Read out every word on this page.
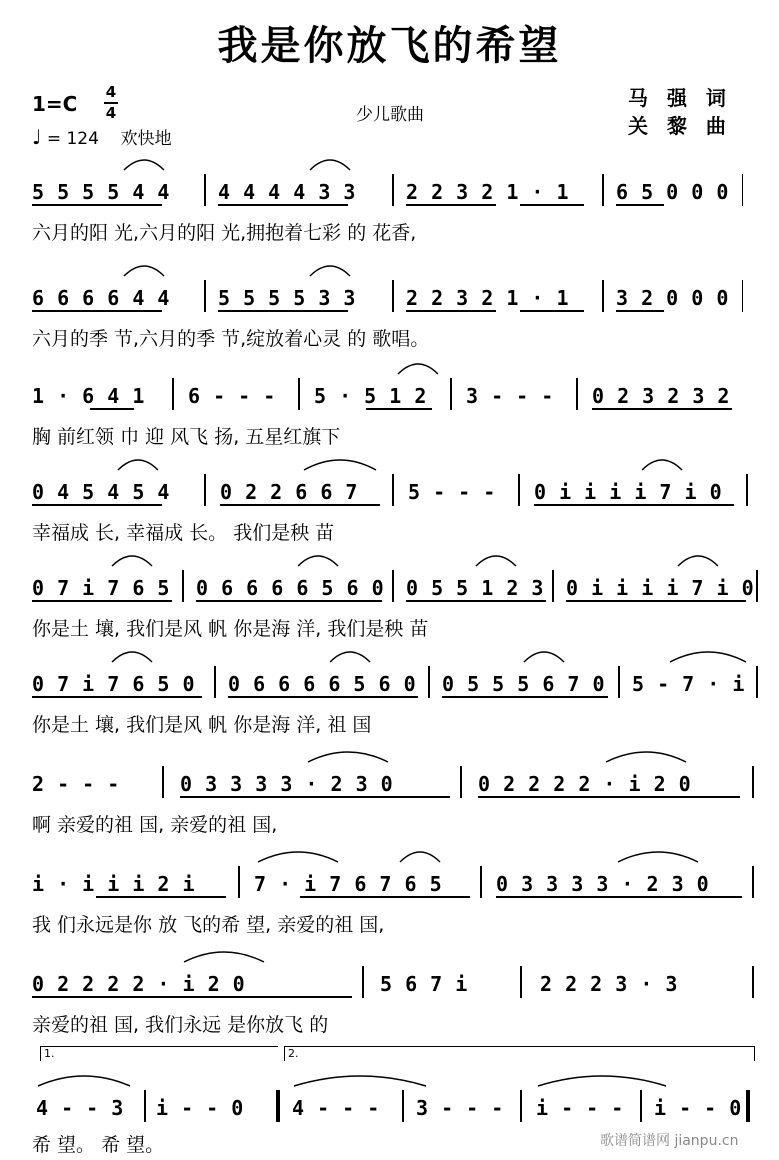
我是你放飞的希望
1=C 4
4
♩ = 124 欢快地
少儿歌曲
马 强 词
关 黎 曲
5 5 5 5 4 4 4 4 4 4 3 3	2 2 3 2 1 · 1 6 5 0 0 0
六月的阳 光,六月的阳 光,拥抱着七彩 的 花香,
6 6 6 6 4 4 5 5 5 5 3 3	2 2 3 2 1 · 1 3 2 0 0 0
六月的季 节,六月的季 节,绽放着心灵 的 歌唱。
1 · 6 4 1 6 - - - 5 · 5 1 2 3 - - - 0 2 3 2 3 2
胸 前红领 巾 迎 风飞 扬, 五星红旗下
0 4 5 4 5 4	0 2 2 6 6 7	5 - - - 0 i i i i 7 i 0
幸福成 长, 幸福成 长。 我们是秧 苗
0 7 i 7 6 5 0 6 6 6 6 5 6 0 0 5 5 1 2 3 0 i i i i 7 i 0
你是土 壤, 我们是风 帆 你是海 洋, 我们是秧 苗
0 7 i 7 6 5 0 0 6 6 6 6 5 6 0 0 5 5 5 6 7 0 5 - 7 · i
你是土 壤, 我们是风 帆 你是海 洋, 祖 国
2 - - -	0 3 3 3 3 · 2 3 0	0 2 2 2 2 · i 2 0
啊 亲爱的祖 国, 亲爱的祖 国,
i · i i i 2 i	7 · i 7 6 7 6 5	0 3 3 3 3 · 2 3 0
我 们永远是你 放 飞的希 望, 亲爱的祖 国,
0 2 2 2 2 · i 2 0	5 6 7 i	2 2 2 3 · 3
亲爱的祖 国, 我们永远 是你放飞 的
1.	2.
4 - - 3 i - - 0 4 - - - 3 - - - i - - - i - - 0
希 望。 希 望。	歌谱简谱网 jianpu.cn
